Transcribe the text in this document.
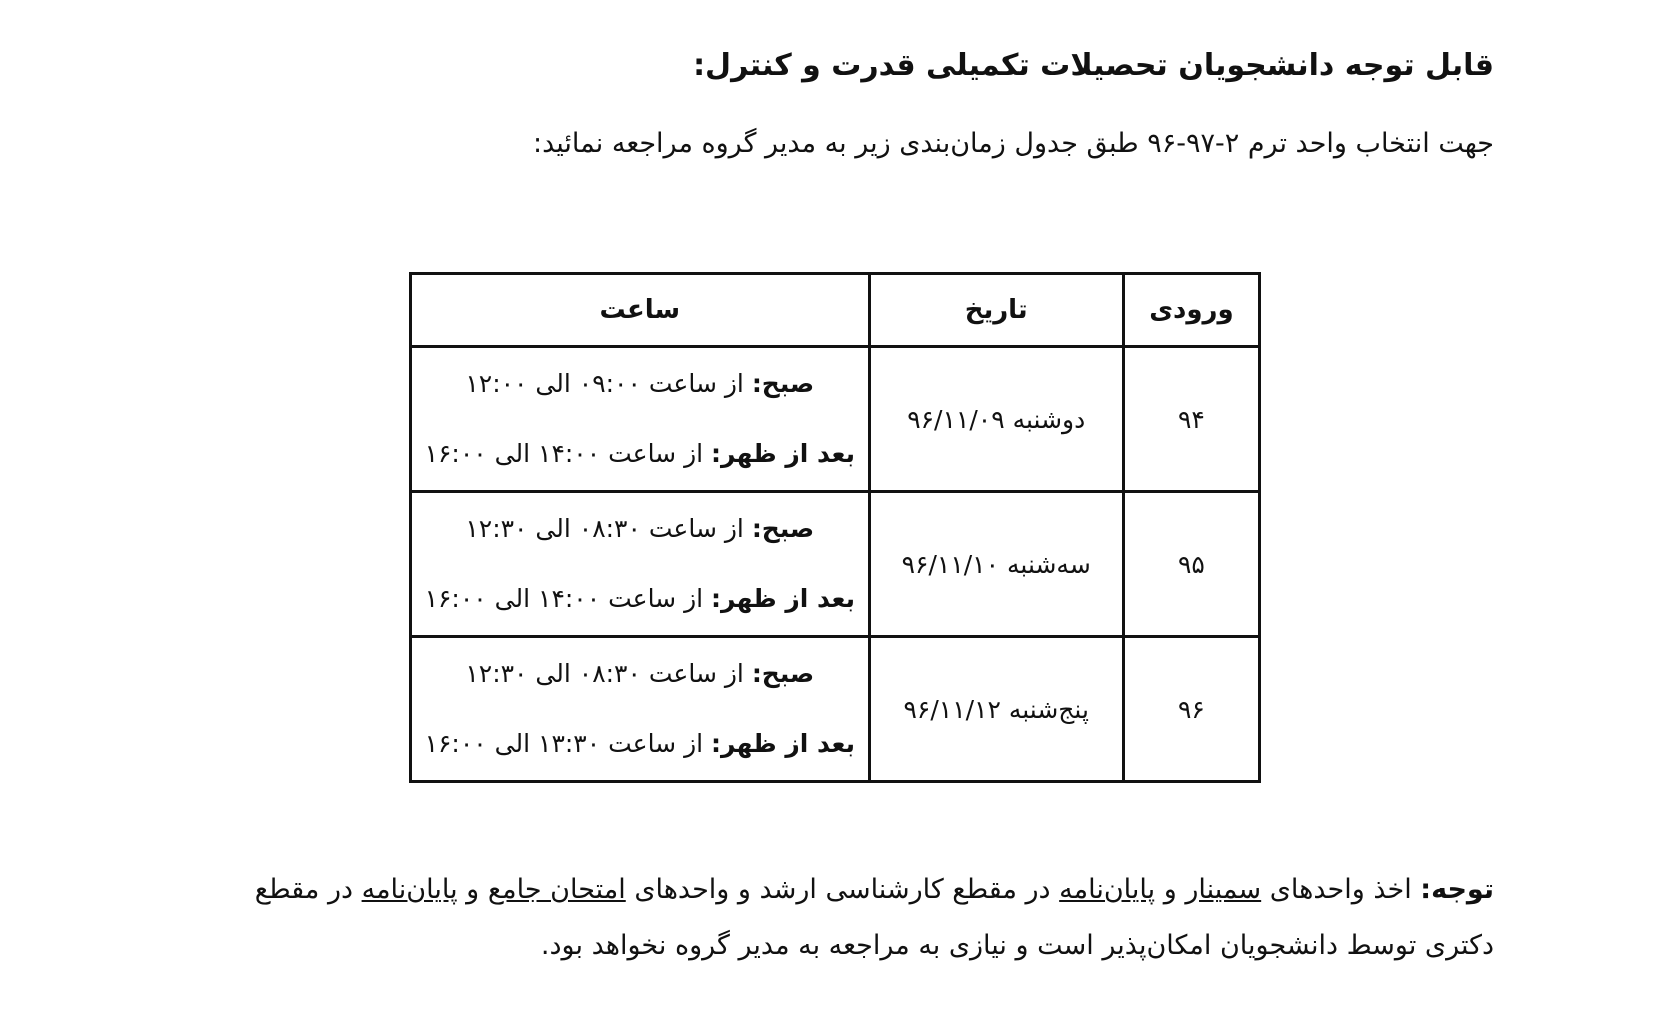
قابل توجه دانشجویان تحصیلات تکمیلی قدرت و کنترل:
جهت انتخاب واحد ترم ۲-۹۷-۹۶ طبق جدول زمان‌بندی زیر به مدیر گروه مراجعه نمائید:
ورودی	تاریخ	ساعت
۹۴	دوشنبه ۹۶/۱۱/۰۹	صبح: از ساعت ۰۹:۰۰ الی ۱۲:۰۰
بعد از ظهر: از ساعت ۱۴:۰۰ الی ۱۶:۰۰

۹۵	سه‌شنبه ۹۶/۱۱/۱۰	صبح: از ساعت ۰۸:۳۰ الی ۱۲:۳۰
بعد از ظهر: از ساعت ۱۴:۰۰ الی ۱۶:۰۰

۹۶	پنج‌شنبه ۹۶/۱۱/۱۲	صبح: از ساعت ۰۸:۳۰ الی ۱۲:۳۰
بعد از ظهر: از ساعت ۱۳:۳۰ الی ۱۶:۰۰
توجه: اخذ واحدهای سمینار و پایان‌نامه در مقطع کارشناسی ارشد و واحدهای امتحان جامع و پایان‌نامه در مقطع دکتری توسط دانشجویان امکان‌پذیر است و نیازی به مراجعه به مدیر گروه نخواهد بود.
